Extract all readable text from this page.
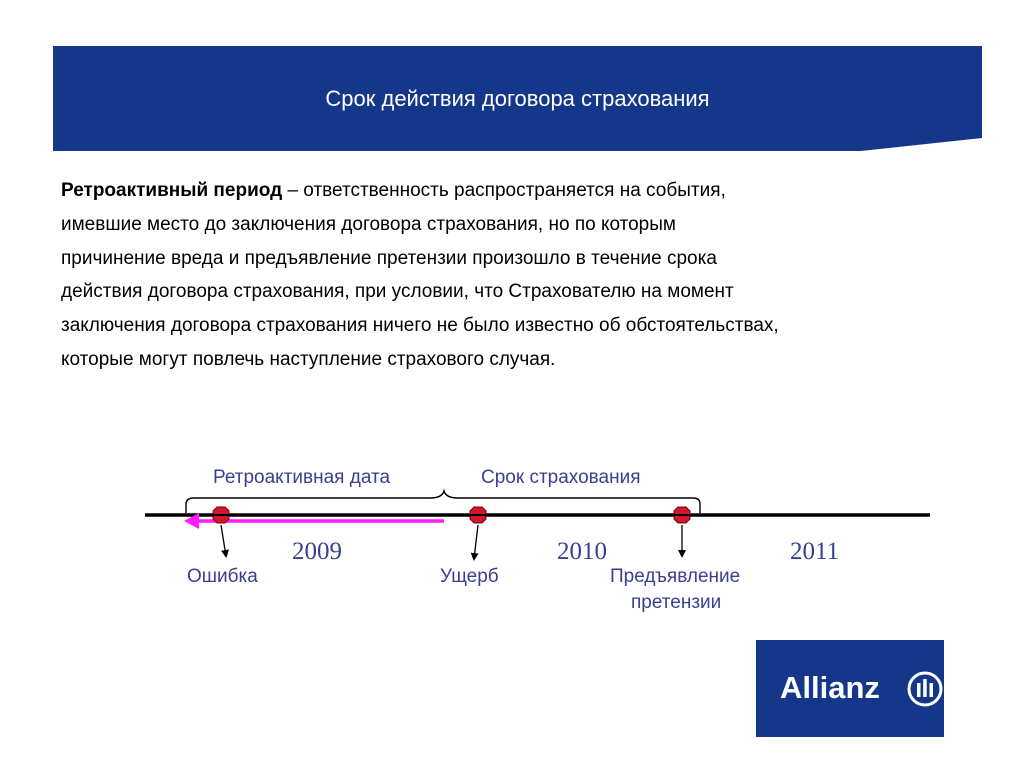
Срок действия договора страхования
Ретроактивный период – ответственность распространяется на события,
имевшие место до заключения договора страхования, но по которым
причинение вреда и предъявление претензии произошло в течение срока
действия договора страхования, при условии, что Страхователю на момент
заключения договора страхования ничего не было известно об обстоятельствах,
которые могут повлечь наступление страхового случая.
Ретроактивная дата	Срок страхования
2009	2010	2011
Ошибка	Ущерб	Предъявление
претензии
Allianz
